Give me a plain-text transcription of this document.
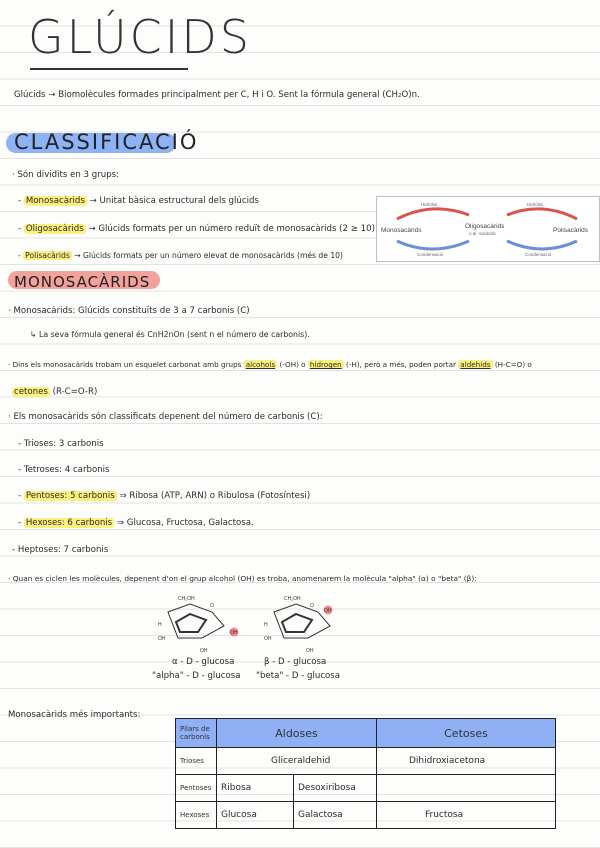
GLÚCIDS
Glúcids → Biomolècules formades principalment per C, H i O. Sent la fórmula general (CH₂O)n.
CLASSIFICACIÓ
· Són dividits en 3 grups:
- Monosacàrids → Unitat bàsica estructural dels glúcids
- Oligosacàrids → Glúcids formats per un número reduït de monosacàrids (2 ≥ 10)
- Polisacàrids → Glúcids formats per un número elevat de monosacàrids (més de 10)
Monosacàrids
Oligosacàrids
o di- sacàrids	Polisacàrids
Hidròlisi	Hidròlisi
Condensació	Condensació
MONOSACÀRIDS
· Monosacàrids: Glúcids constituïts de 3 a 7 carbonis (C)
↳ La seva fórmula general és CnH2nOn (sent n el número de carbonis).
· Dins els monosacàrids trobam un esquelet carbonat amb grups alcohols (-OH) o hidrogen (-H), però a més, poden portar aldehids (H-C=O) o
cetones (R-C=O-R)
· Els monosacàrids són classificats depenent del número de carbonis (C):
- Trioses: 3 carbonis
- Tetroses: 4 carbonis
- Pentoses: 5 carbonis ⇒ Ribosa (ATP, ARN) o Ribulosa (Fotosíntesi)
- Hexoses: 6 carbonis ⇒ Glucosa, Fructosa, Galactosa.
- Heptoses: 7 carbonis
· Quan es ciclen les molècules, depenent d'on el grup alcohol (OH) es troba, anomenarem la molècula "alpha" (α) o "beta" (β):
CH₂OH
O
H
OH
OH
OH
CH₂OH
O
H
OH
OH
OH
α - D - glucosa
"alpha" - D - glucosa
β - D - glucosa
"beta" - D - glucosa
Monosacàrids més importants:
Pilars de carbonis	Aldoses		Cetoses
Trioses	Gliceraldehid		Dihidroxiacetona
Pentoses	Ribosa	Desoxiribosa	
Hexoses	Glucosa	Galactosa	Fructosa
